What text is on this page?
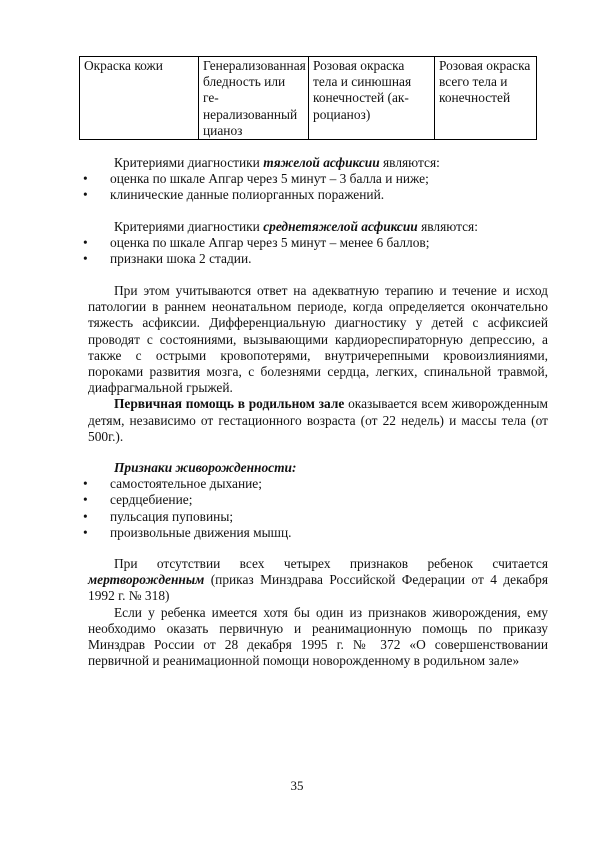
Окраска кожи	Генерализованная бледность или ге-нерализованный цианоз	Розовая окраска тела и синюшная конечностей (ак-роцианоз)	Розовая окраска всего тела и конечностей

Критериями диагностики тяжелой асфиксии являются:

• оценка по шкале Апгар через 5 минут – 3 балла и ниже;
• клинические данные полиорганных поражений.

Критериями диагностики среднетяжелой асфиксии являются:

• оценка по шкале Апгар через 5 минут – менее 6 баллов;
• признаки шока 2 стадии.

При этом учитываются ответ на адекватную терапию и течение и исход патологии в раннем неонатальном периоде, когда определяется окончательно тяжесть асфиксии. Дифференциальную диагностику у детей с асфиксией проводят с состояниями, вызывающими кардиореспираторную депрессию, а также с острыми кровопотерями, внутричерепными кровоизлияниями, пороками развития мозга, с болезнями сердца, легких, спинальной травмой, диафрагмальной грыжей.

Первичная помощь в родильном зале оказывается всем живорожденным детям, независимо от гестационного возраста (от 22 недель) и массы тела (от 500г.).

Признаки живорожденности:

• самостоятельное дыхание;
• сердцебиение;
• пульсация пуповины;
• произвольные движения мышц.

При отсутствии всех четырех признаков ребенок считается мертворожденным (приказ Минздрава Российской Федерации от 4 декабря 1992 г. № 318)

Если у ребенка имеется хотя бы один из признаков живорождения, ему необходимо оказать первичную и реанимационную помощь по приказу Минздрав России от 28 декабря 1995 г. № 372 «О совершенствовании первичной и реанимационной помощи новорожденному в родильном зале»

35
